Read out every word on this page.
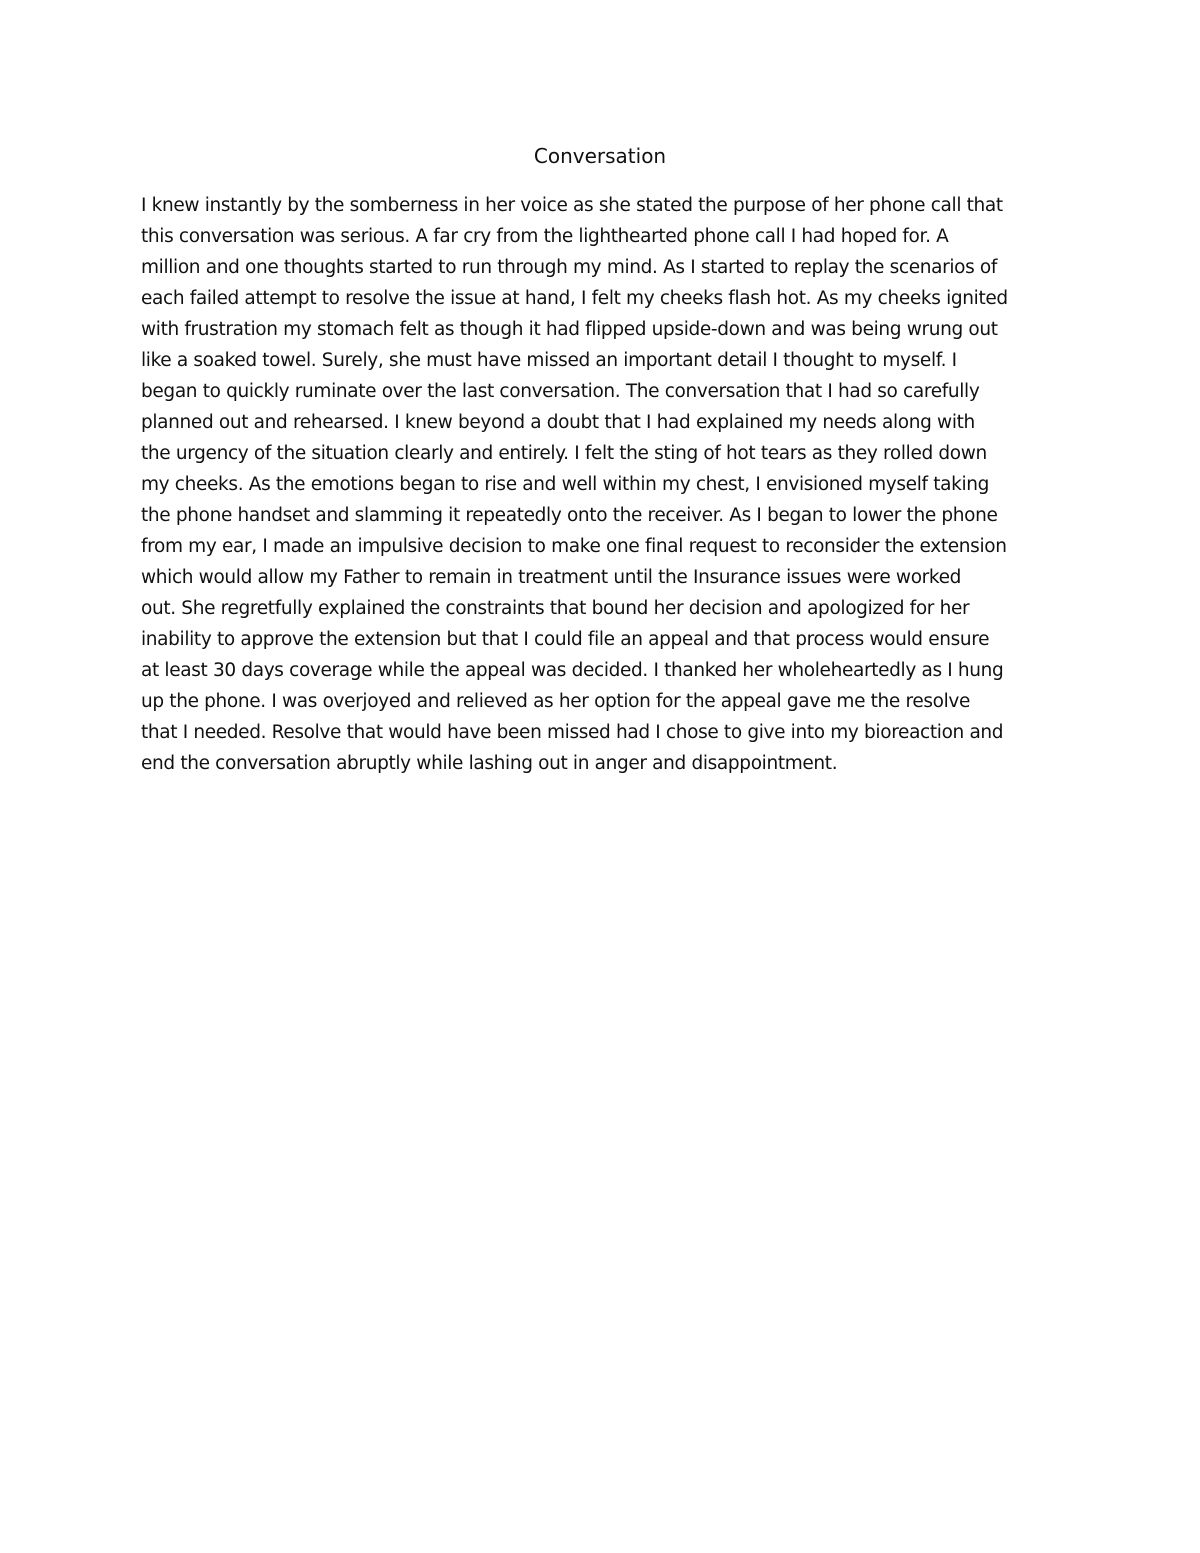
Conversation
I knew instantly by the somberness in her voice as she stated the purpose of her phone call that
this conversation was serious. A far cry from the lighthearted phone call I had hoped for. A
million and one thoughts started to run through my mind. As I started to replay the scenarios of
each failed attempt to resolve the issue at hand, I felt my cheeks flash hot. As my cheeks ignited
with frustration my stomach felt as though it had flipped upside-down and was being wrung out
like a soaked towel. Surely, she must have missed an important detail I thought to myself. I
began to quickly ruminate over the last conversation. The conversation that I had so carefully
planned out and rehearsed. I knew beyond a doubt that I had explained my needs along with
the urgency of the situation clearly and entirely. I felt the sting of hot tears as they rolled down
my cheeks. As the emotions began to rise and well within my chest, I envisioned myself taking
the phone handset and slamming it repeatedly onto the receiver. As I began to lower the phone
from my ear, I made an impulsive decision to make one final request to reconsider the extension
which would allow my Father to remain in treatment until the Insurance issues were worked
out. She regretfully explained the constraints that bound her decision and apologized for her
inability to approve the extension but that I could file an appeal and that process would ensure
at least 30 days coverage while the appeal was decided. I thanked her wholeheartedly as I hung
up the phone. I was overjoyed and relieved as her option for the appeal gave me the resolve
that I needed. Resolve that would have been missed had I chose to give into my bioreaction and
end the conversation abruptly while lashing out in anger and disappointment.
